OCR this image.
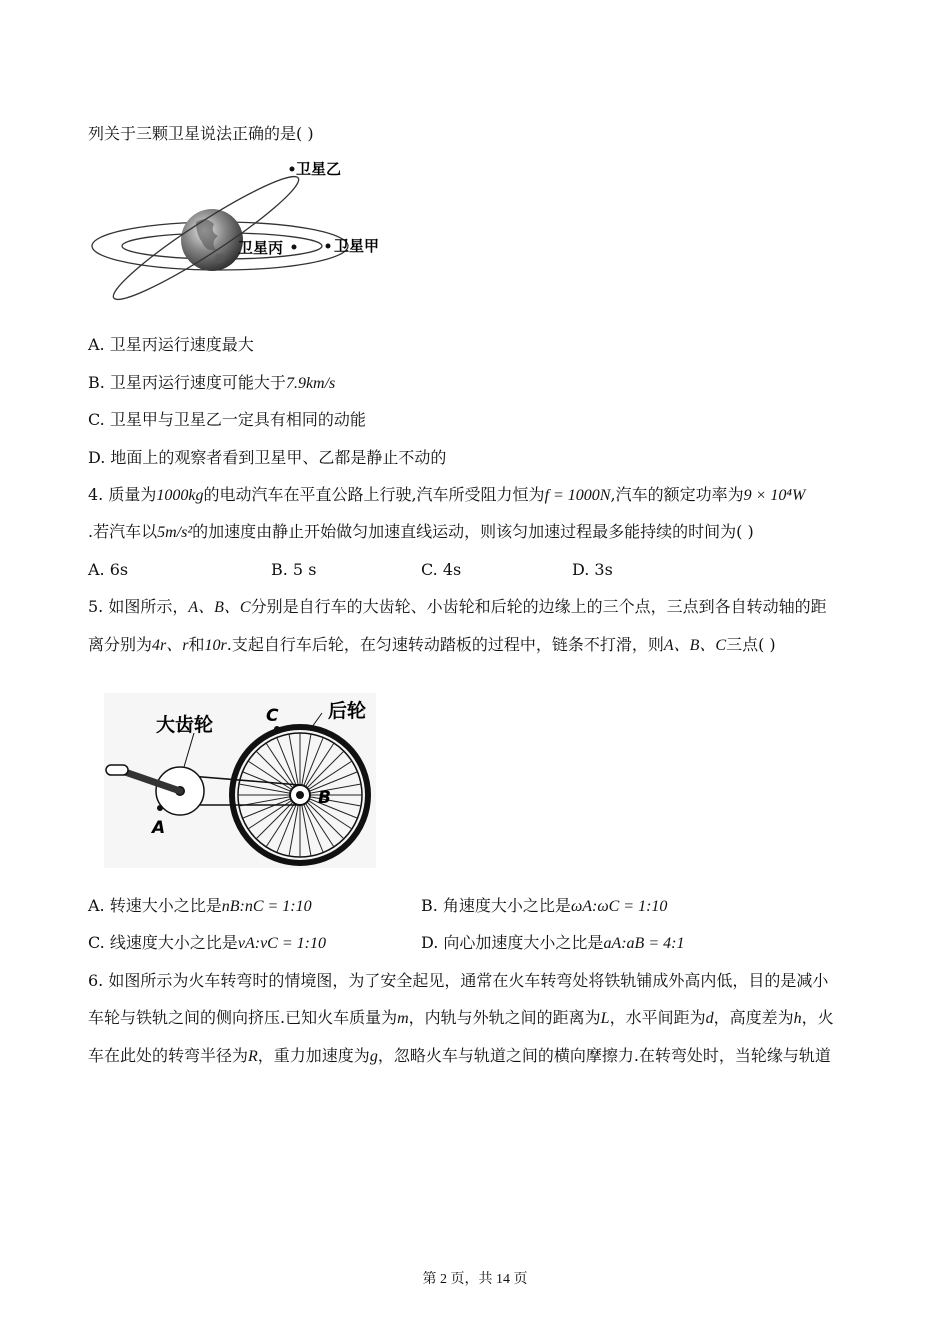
列关于三颗卫星说法正确的是( )
卫星乙
卫星丙	卫星甲
A. 卫星丙运行速度最大
B. 卫星丙运行速度可能大于7.9km/s
C. 卫星甲与卫星乙一定具有相同的动能
D. 地面上的观察者看到卫星甲、乙都是静止不动的
4. 质量为1000kg的电动汽车在平直公路上行驶,汽车所受阻力恒为f = 1000N,汽车的额定功率为9 × 10⁴W
.若汽车以5m/s²的加速度由静止开始做匀加速直线运动，则该匀加速过程最多能持续的时间为( )
A. 6s	B. 5 s	C. 4s	D. 3s
5. 如图所示，A、B、C分别是自行车的大齿轮、小齿轮和后轮的边缘上的三个点，三点到各自转动轴的距
离分别为4r、r和10r.支起自行车后轮，在匀速转动踏板的过程中，链条不打滑，则A、B、C三点( )
大齿轮
后轮
A
B
C
A. 转速大小之比是nB:nC = 1:10	B. 角速度大小之比是ωA:ωC = 1:10
C. 线速度大小之比是vA:vC = 1:10	D. 向心加速度大小之比是aA:aB = 4:1
6. 如图所示为火车转弯时的情境图，为了安全起见，通常在火车转弯处将铁轨铺成外高内低，目的是减小
车轮与铁轨之间的侧向挤压.已知火车质量为m，内轨与外轨之间的距离为L，水平间距为d，高度差为h，火
车在此处的转弯半径为R，重力加速度为g，忽略火车与轨道之间的横向摩擦力.在转弯处时，当轮缘与轨道
第 2 页，共 14 页
